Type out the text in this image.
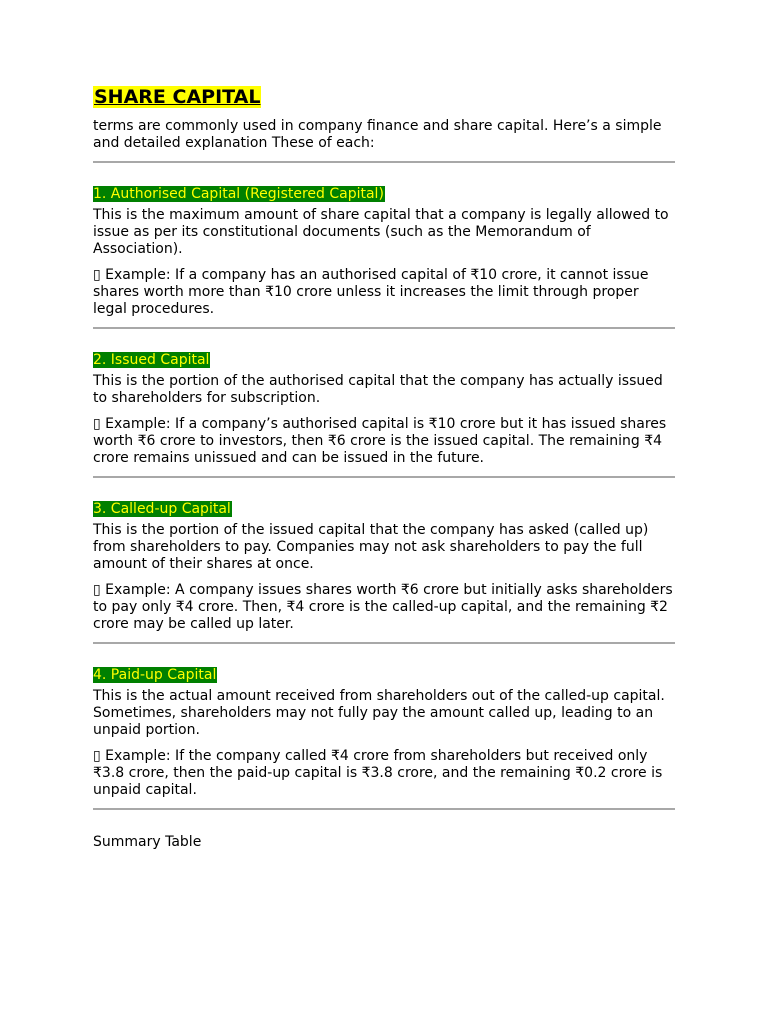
SHARE CAPITAL

terms are commonly used in company finance and share capital. Here’s a simple and detailed explanation These of each:

1. Authorised Capital (Registered Capital)

This is the maximum amount of share capital that a company is legally allowed to issue as per its constitutional documents (such as the Memorandum of Association).

▯ Example: If a company has an authorised capital of ₹10 crore, it cannot issue shares worth more than ₹10 crore unless it increases the limit through proper legal procedures.

2. Issued Capital

This is the portion of the authorised capital that the company has actually issued to shareholders for subscription.

▯ Example: If a company’s authorised capital is ₹10 crore but it has issued shares worth ₹6 crore to investors, then ₹6 crore is the issued capital. The remaining ₹4 crore remains unissued and can be issued in the future.

3. Called-up Capital

This is the portion of the issued capital that the company has asked (called up) from shareholders to pay. Companies may not ask shareholders to pay the full amount of their shares at once.

▯ Example: A company issues shares worth ₹6 crore but initially asks shareholders to pay only ₹4 crore. Then, ₹4 crore is the called-up capital, and the remaining ₹2 crore may be called up later.

4. Paid-up Capital

This is the actual amount received from shareholders out of the called-up capital. Sometimes, shareholders may not fully pay the amount called up, leading to an unpaid portion.

▯ Example: If the company called ₹4 crore from shareholders but received only ₹3.8 crore, then the paid-up capital is ₹3.8 crore, and the remaining ₹0.2 crore is unpaid capital.

Summary Table
